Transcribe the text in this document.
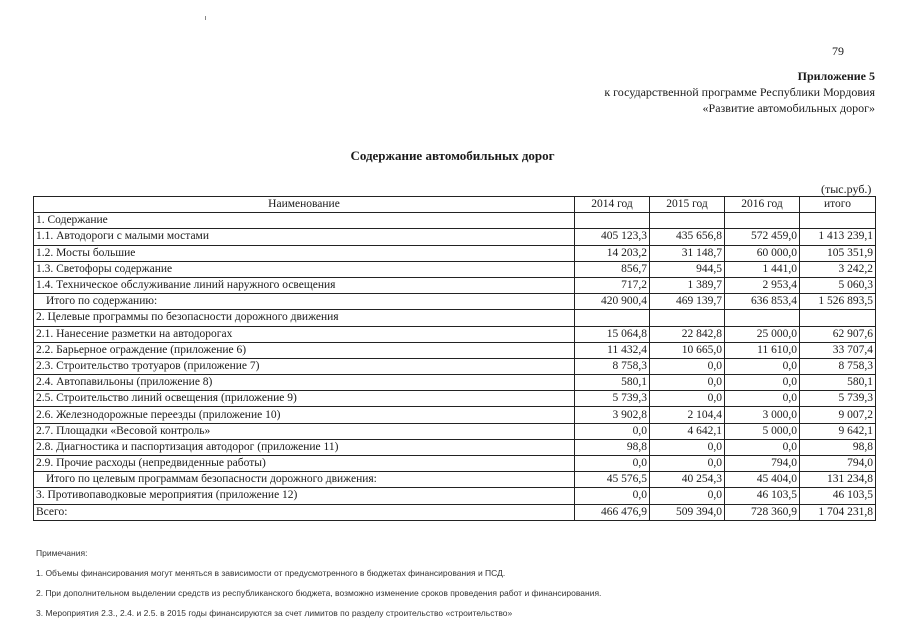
79
Приложение 5
к государственной программе Республики Мордовия
«Развитие автомобильных дорог»
Содержание автомобильных дорог
(тыс.руб.)
Наименование	2014 год	2015 год	2016 год	итого
1. Содержание				
1.1. Автодороги с малыми мостами	405 123,3	435 656,8	572 459,0	1 413 239,1
1.2. Мосты большие	14 203,2	31 148,7	60 000,0	105 351,9
1.3. Светофоры содержание	856,7	944,5	1 441,0	3 242,2
1.4. Техническое обслуживание линий наружного освещения	717,2	1 389,7	2 953,4	5 060,3
Итого по содержанию:	420 900,4	469 139,7	636 853,4	1 526 893,5
2. Целевые программы по безопасности дорожного движения				
2.1. Нанесение разметки на автодорогах	15 064,8	22 842,8	25 000,0	62 907,6
2.2. Барьерное ограждение (приложение 6)	11 432,4	10 665,0	11 610,0	33 707,4
2.3. Строительство тротуаров (приложение 7)	8 758,3	0,0	0,0	8 758,3
2.4. Автопавильоны (приложение 8)	580,1	0,0	0,0	580,1
2.5. Строительство линий освещения (приложение 9)	5 739,3	0,0	0,0	5 739,3
2.6. Железнодорожные переезды (приложение 10)	3 902,8	2 104,4	3 000,0	9 007,2
2.7. Площадки «Весовой контроль»	0,0	4 642,1	5 000,0	9 642,1
2.8. Диагностика и паспортизация автодорог (приложение 11)	98,8	0,0	0,0	98,8
2.9. Прочие расходы (непредвиденные работы)	0,0	0,0	794,0	794,0
Итого по целевым программам безопасности дорожного движения:	45 576,5	40 254,3	45 404,0	131 234,8
3. Противопаводковые мероприятия (приложение 12)	0,0	0,0	46 103,5	46 103,5
Всего:	466 476,9	509 394,0	728 360,9	1 704 231,8
Примечания:
1. Объемы финансирования могут меняться в зависимости от предусмотренного в бюджетах финансирования и ПСД.
2. При дополнительном выделении средств из республиканского бюджета, возможно изменение сроков проведения работ и финансирования.
3. Мероприятия 2.3., 2.4. и 2.5. в 2015 годы финансируются за счет лимитов по разделу строительство «строительство»
